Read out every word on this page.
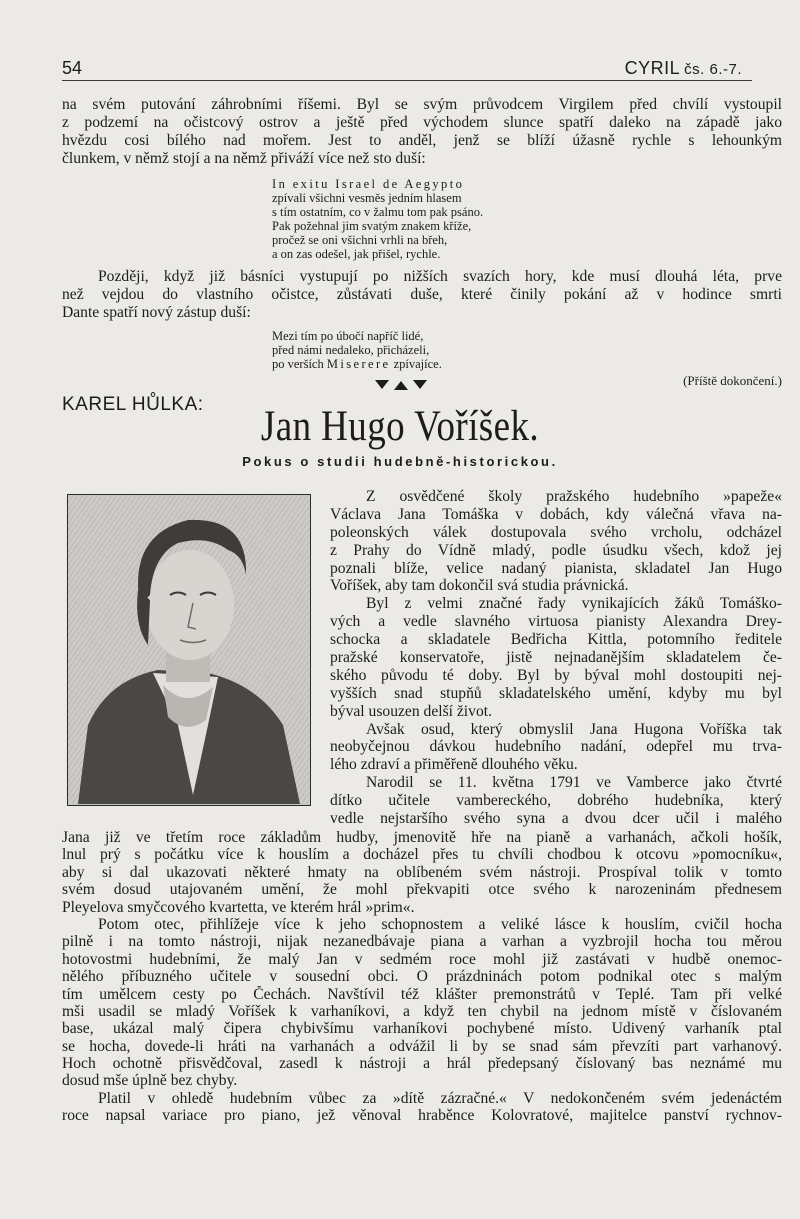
54	CYRIL čs. 6.-7.
na svém putování záhrobními říšemi. Byl se svým průvodcem Virgilem před chvílí vystoupil
z podzemí na očistcový ostrov a ještě před východem slunce spatří daleko na západě jako
hvězdu cosi bílého nad mořem. Jest to anděl, jenž se blíží úžasně rychle s lehounkým
člunkem, v němž stojí a na němž přiváží více než sto duší:
In exitu Israel de Aegypto
zpívali všichni vesměs jedním hlasem
s tím ostatním, co v žalmu tom pak psáno.
Pak požehnal jim svatým znakem kříže,
pročež se oni všichni vrhli na břeh,
a on zas odešel, jak přišel, rychle.
Později, když již básníci vystupují po nižších svazích hory, kde musí dlouhá léta, prve
než vejdou do vlastního očistce, zůstávati duše, které činily pokání až v hodince smrti
Dante spatří nový zástup duší:
Mezi tím po úbočí napříč lidé,
před námi nedaleko, přicházeli,
po verších Miserere zpívajíce.
(Příště dokončení.)
KAREL HŮLKA:	Jan Hugo Voříšek.
Pokus o studii hudebně-historickou.
Z osvědčené školy pražského hudebního »papeže«
Václava Jana Tomáška v dobách, kdy válečná vřava na-
poleonských válek dostupovala svého vrcholu, odcházel
z Prahy do Vídně mladý, podle úsudku všech, kdož jej
poznali blíže, velice nadaný pianista, skladatel Jan Hugo
Voříšek, aby tam dokončil svá studia právnická.
Byl z velmi značné řady vynikajících žáků Tomáško-
vých a vedle slavného virtuosa pianisty Alexandra Drey-
schocka a skladatele Bedřicha Kittla, potomního ředitele
pražské konservatoře, jistě nejnadanějším skladatelem če-
ského původu té doby. Byl by býval mohl dostoupiti nej-
vyšších snad stupňů skladatelského umění, kdyby mu byl
býval usouzen delší život.
Avšak osud, který obmyslil Jana Hugona Voříška tak
neobyčejnou dávkou hudebního nadání, odepřel mu trva-
lého zdraví a přiměřeně dlouhého věku.
Narodil se 11. května 1791 ve Vamberce jako čtvrté
dítko učitele vambereckého, dobrého hudebníka, který
vedle nejstaršího svého syna a dvou dcer učil i malého
Jana již ve třetím roce základům hudby, jmenovitě hře na pianě a varhanách, ačkoli hošík,
lnul prý s počátku více k houslím a docházel přes tu chvíli chodbou k otcovu »pomocníku«,
aby si dal ukazovati některé hmaty na oblíbeném svém nástroji. Prospíval tolik v tomto
svém dosud utajovaném umění, že mohl překvapiti otce svého k narozeninám přednesem
Pleyelova smyčcového kvartetta, ve kterém hrál »prim«.
Potom otec, přihlížeje více k jeho schopnostem a veliké lásce k houslím, cvičil hocha
pilně i na tomto nástroji, nijak nezanedbávaje piana a varhan a vyzbrojil hocha tou měrou
hotovostmi hudebními, že malý Jan v sedmém roce mohl již zastávati v hudbě onemoc-
nělého příbuzného učitele v sousední obci. O prázdninách potom podnikal otec s malým
tím umělcem cesty po Čechách. Navštívil též klášter premonstrátů v Teplé. Tam při velké
mši usadil se mladý Voříšek k varhaníkovi, a když ten chybil na jednom místě v číslovaném
base, ukázal malý čipera chybivšímu varhaníkovi pochybené místo. Udivený varhaník ptal
se hocha, dovede-li hráti na varhanách a odvážil li by se snad sám převzíti part varhanový.
Hoch ochotně přisvědčoval, zasedl k nástroji a hrál předepsaný číslovaný bas neznámé mu
dosud mše úplně bez chyby.
Platil v ohledě hudebním vůbec za »dítě zázračné.« V nedokončeném svém jedenáctém
roce napsal variace pro piano, jež věnoval hraběnce Kolovratové, majitelce panství rychnov-
